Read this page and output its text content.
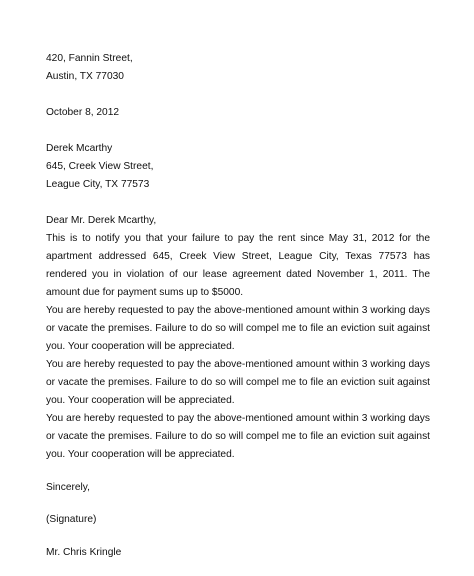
420, Fannin Street,

Austin, TX 77030

October 8, 2012

Derek Mcarthy

645, Creek View Street,

League City, TX 77573

Dear Mr. Derek Mcarthy,

This is to notify you that your failure to pay the rent since May 31, 2012 for the apartment addressed 645, Creek View Street, League City, Texas 77573 has rendered you in violation of our lease agreement dated November 1, 2011. The amount due for payment sums up to $5000.

You are hereby requested to pay the above-mentioned amount within 3 working days or vacate the premises. Failure to do so will compel me to file an eviction suit against you. Your cooperation will be appreciated.

You are hereby requested to pay the above-mentioned amount within 3 working days or vacate the premises. Failure to do so will compel me to file an eviction suit against you. Your cooperation will be appreciated.

You are hereby requested to pay the above-mentioned amount within 3 working days or vacate the premises. Failure to do so will compel me to file an eviction suit against you. Your cooperation will be appreciated.

Sincerely,

(Signature)

Mr. Chris Kringle
